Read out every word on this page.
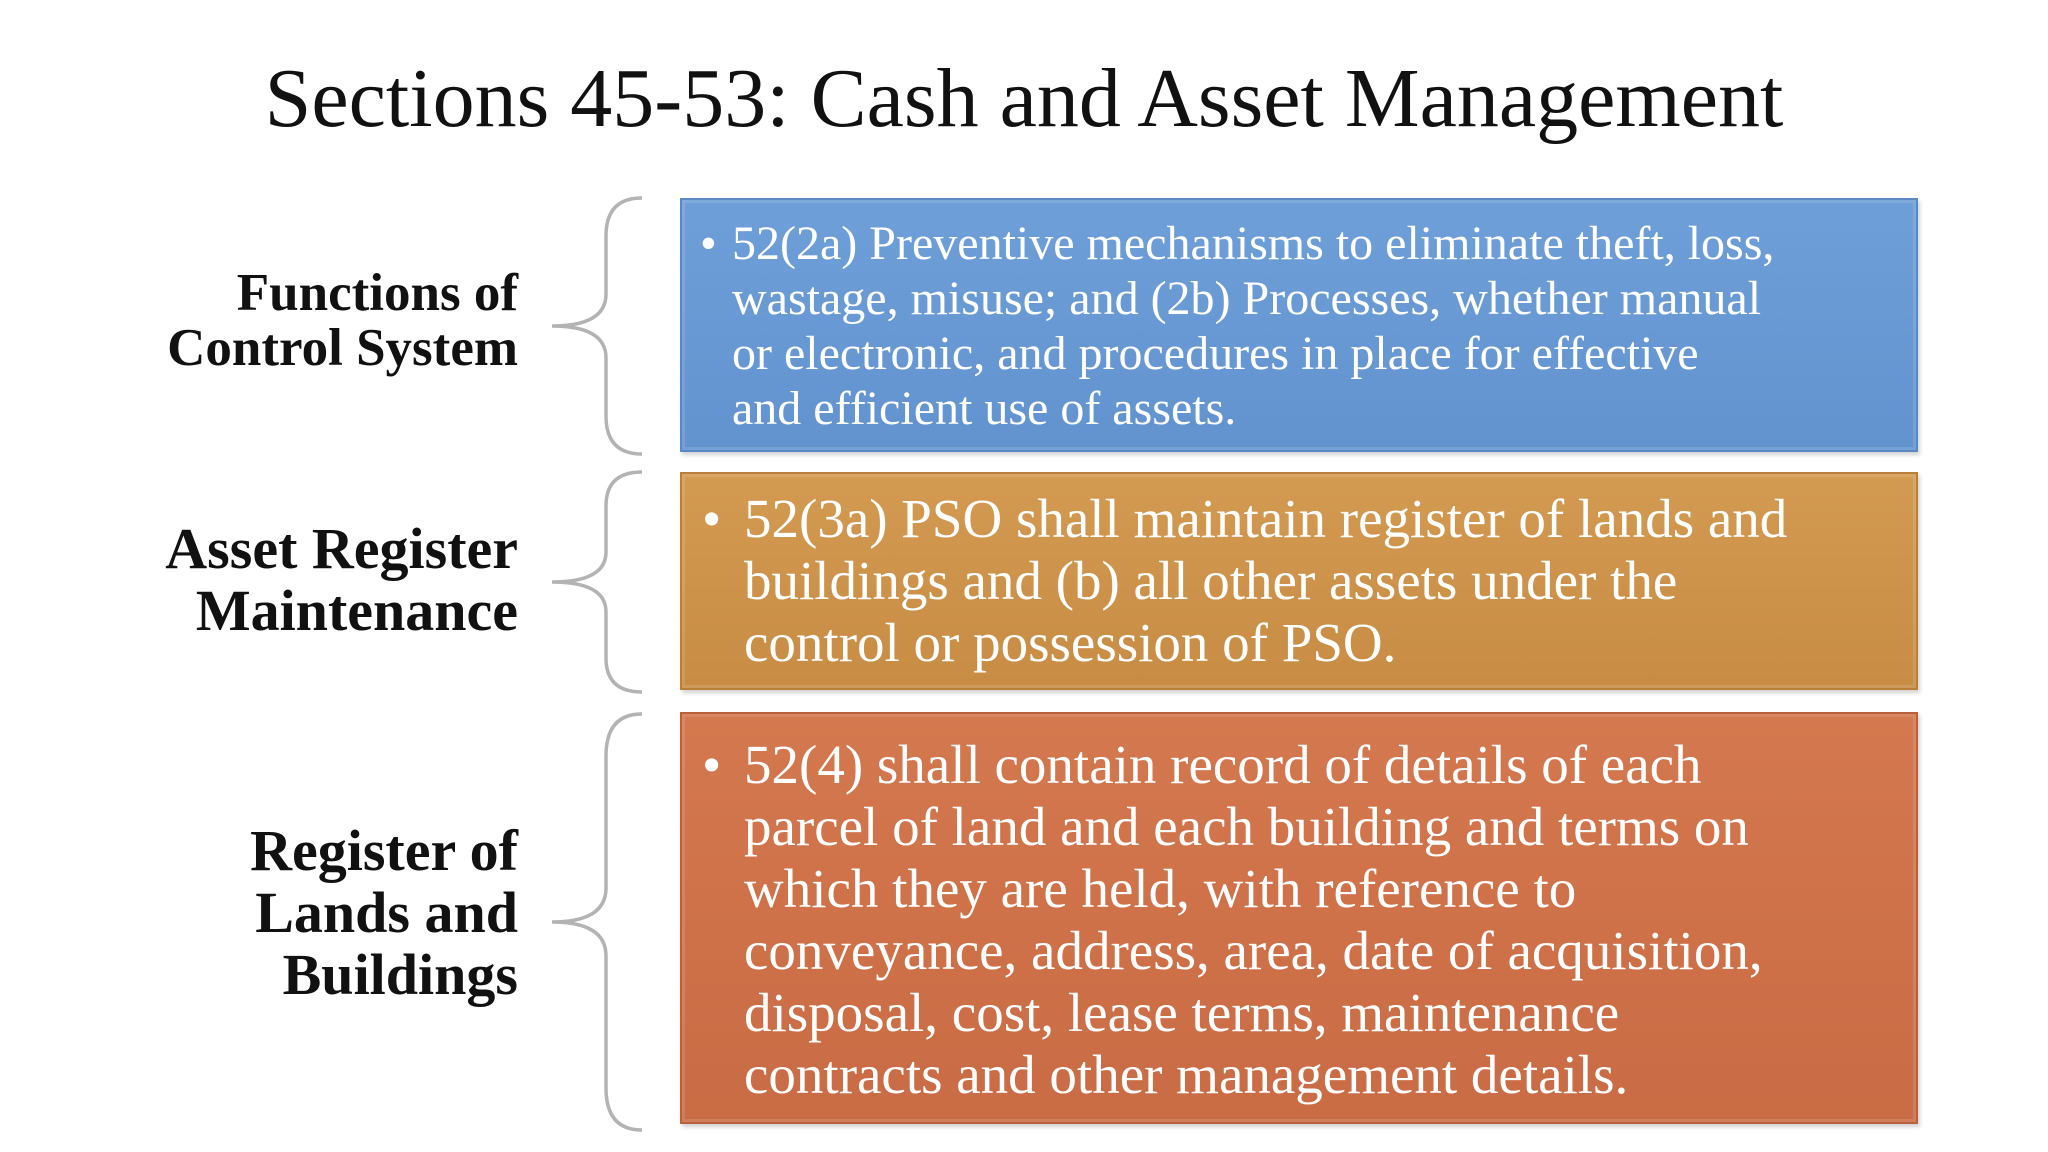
Sections 45-53: Cash and Asset Management
Functions of
Control System
• 52(2a) Preventive mechanisms to eliminate theft, loss,
wastage, misuse; and (2b) Processes, whether manual
or electronic, and procedures in place for effective
and efficient use of assets.
Asset Register
Maintenance
• 52(3a) PSO shall maintain register of lands and
buildings and (b) all other assets under the
control or possession of PSO.
Register of
Lands and
Buildings
• 52(4) shall contain record of details of each
parcel of land and each building and terms on
which they are held, with reference to
conveyance, address, area, date of acquisition,
disposal, cost, lease terms, maintenance
contracts and other management details.
